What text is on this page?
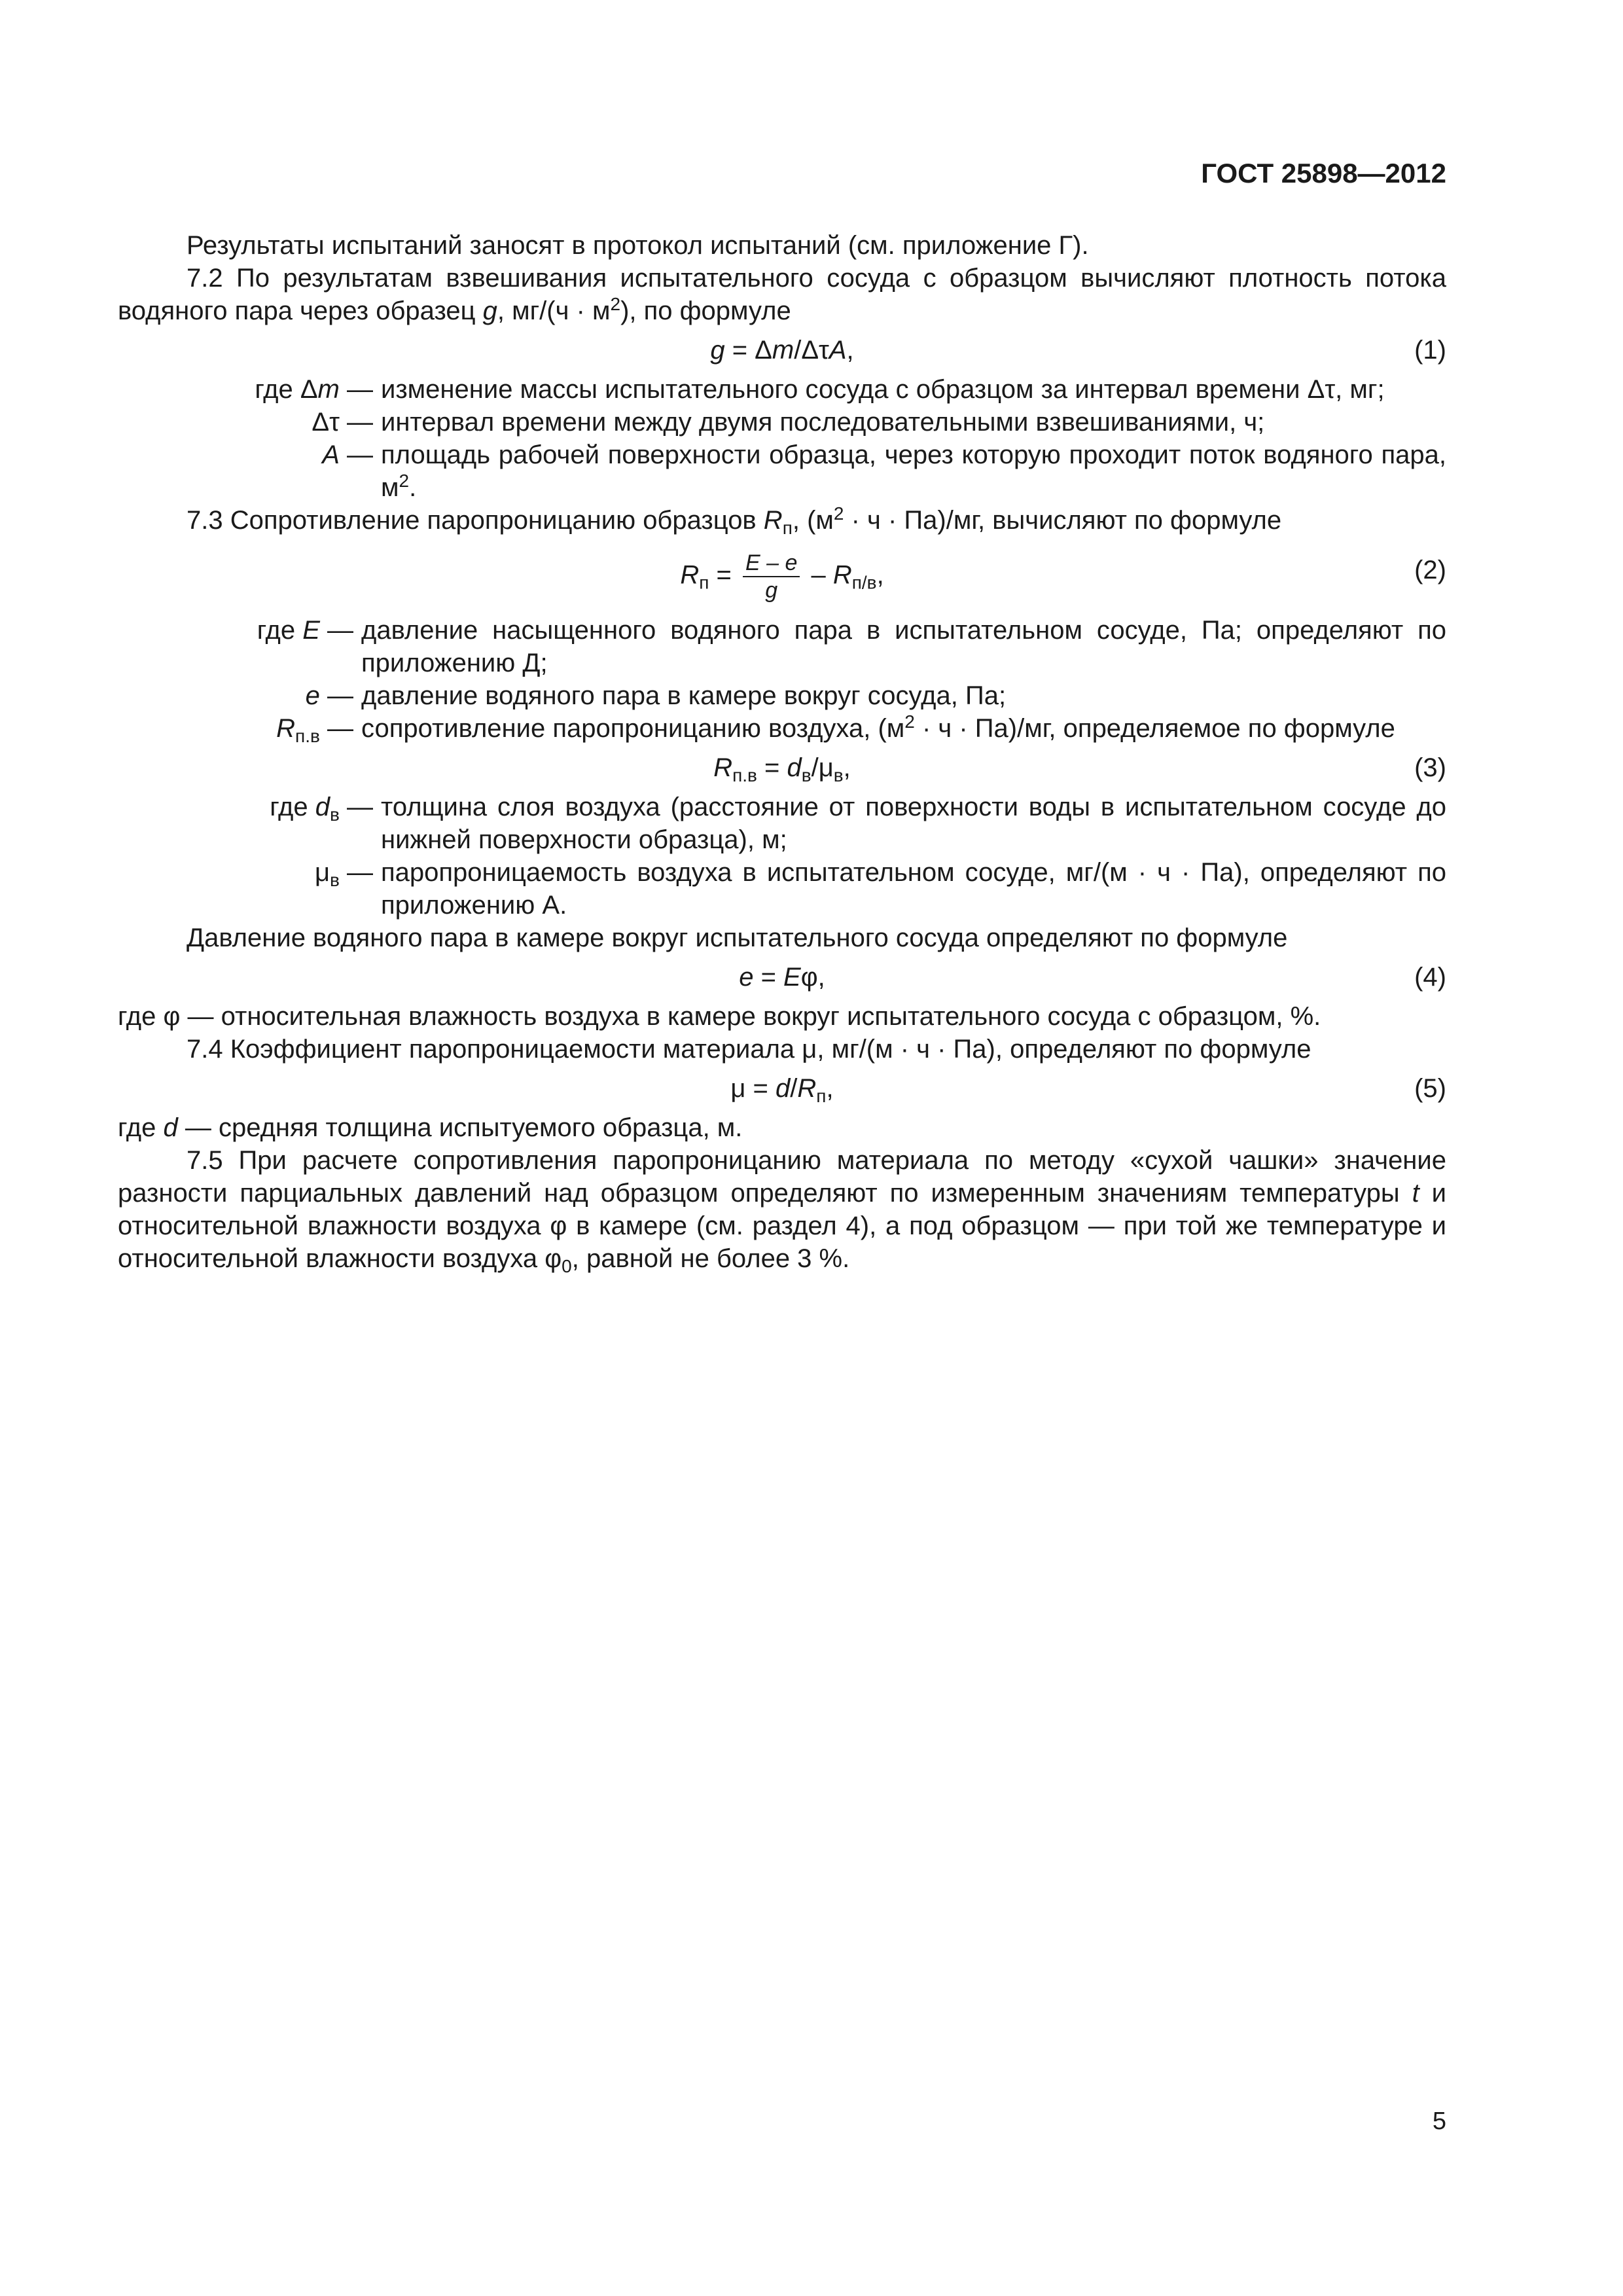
ГОСТ 25898—2012

Результаты испытаний заносят в протокол испытаний (см. приложение Г).

7.2 По результатам взвешивания испытательного сосуда с образцом вычисляют плотность потока водяного пара через образец g, $мг/(ч \cdot м^2)$, по формуле

g = Δm/ΔτA,	(1)
где Δm — изменение массы испытательного сосуда с образцом за интервал времени Δτ, мг;
Δτ — интервал времени между двумя последовательными взвешиваниями, ч;
A — площадь рабочей поверхности образца, через которую проходит поток водяного пара, $м^2$.

7.3 Сопротивление паропроницанию образцов $R_п$, $(м^2 \cdot ч \cdot Па)/мг$, вычисляют по формуле

$R_п = \frac{E - e}{g} - R_{п/в}$,	(2)
где E — давление насыщенного водяного пара в испытательном сосуде, Па; определяют по приложению Д;
e — давление водяного пара в камере вокруг сосуда, Па;
$R_{п.в}$ — сопротивление паропроницанию воздуха, $(м^2 \cdot ч \cdot Па)/мг$, определяемое по формуле
$R_{п.в} = d_в/\mu_в$,	(3)
где $d_в$ — толщина слоя воздуха (расстояние от поверхности воды в испытательном сосуде до нижней поверхности образца), м;
$\mu_в$ — паропроницаемость воздуха в испытательном сосуде, мг/(м · ч · Па), определяют по приложению А.

Давление водяного пара в камере вокруг испытательного сосуда определяют по формуле

e = Eφ,	(4)

где φ — относительная влажность воздуха в камере вокруг испытательного сосуда с образцом, %.

7.4 Коэффициент паропроницаемости материала μ, мг/(м · ч · Па), определяют по формуле

$\mu = d/R_п$,	(5)

где d — средняя толщина испытуемого образца, м.

7.5 При расчете сопротивления паропроницанию материала по методу «сухой чашки» значение разности парциальных давлений над образцом определяют по измеренным значениям температуры t и относительной влажности воздуха φ в камере (см. раздел 4), а под образцом — при той же температуре и относительной влажности воздуха $\varphi_0$, равной не более 3 %.

5
